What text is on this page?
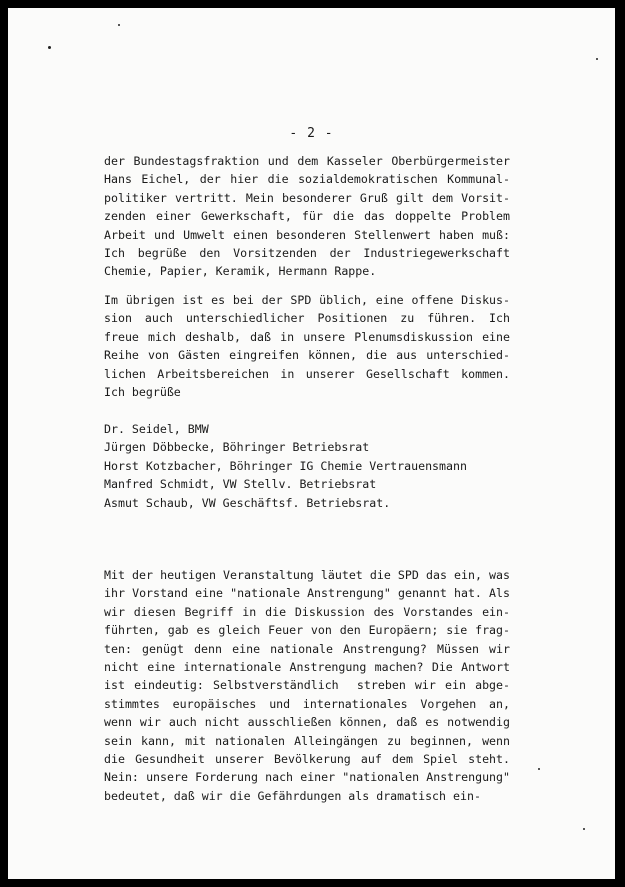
- 2 -
der Bundestagsfraktion und dem Kasseler Oberbürgermeister
Hans Eichel, der hier die sozialdemokratischen Kommunal-
politiker vertritt. Mein besonderer Gruß gilt dem Vorsit-
zenden einer Gewerkschaft, für die das doppelte Problem
Arbeit und Umwelt einen besonderen Stellenwert haben muß:
Ich begrüße den Vorsitzenden der Industriegewerkschaft
Chemie, Papier, Keramik, Hermann Rappe.
Im übrigen ist es bei der SPD üblich, eine offene Diskus-
sion auch unterschiedlicher Positionen zu führen. Ich
freue mich deshalb, daß in unsere Plenumsdiskussion eine
Reihe von Gästen eingreifen können, die aus unterschied-
lichen Arbeitsbereichen in unserer Gesellschaft kommen.
Ich begrüße
Dr. Seidel, BMW
Jürgen Döbbecke, Böhringer Betriebsrat
Horst Kotzbacher, Böhringer IG Chemie Vertrauensmann
Manfred Schmidt, VW Stellv. Betriebsrat
Asmut Schaub, VW Geschäftsf. Betriebsrat.
Mit der heutigen Veranstaltung läutet die SPD das ein, was
ihr Vorstand eine "nationale Anstrengung" genannt hat. Als
wir diesen Begriff in die Diskussion des Vorstandes ein-
führten, gab es gleich Feuer von den Europäern; sie frag-
ten: genügt denn eine nationale Anstrengung? Müssen wir
nicht eine internationale Anstrengung machen? Die Antwort
ist eindeutig: Selbstverständlich  streben wir ein abge-
stimmtes europäisches und internationales Vorgehen an,
wenn wir auch nicht ausschließen können, daß es notwendig
sein kann, mit nationalen Alleingängen zu beginnen, wenn
die Gesundheit unserer Bevölkerung auf dem Spiel steht.
Nein: unsere Forderung nach einer "nationalen Anstrengung"
bedeutet, daß wir die Gefährdungen als dramatisch ein-
